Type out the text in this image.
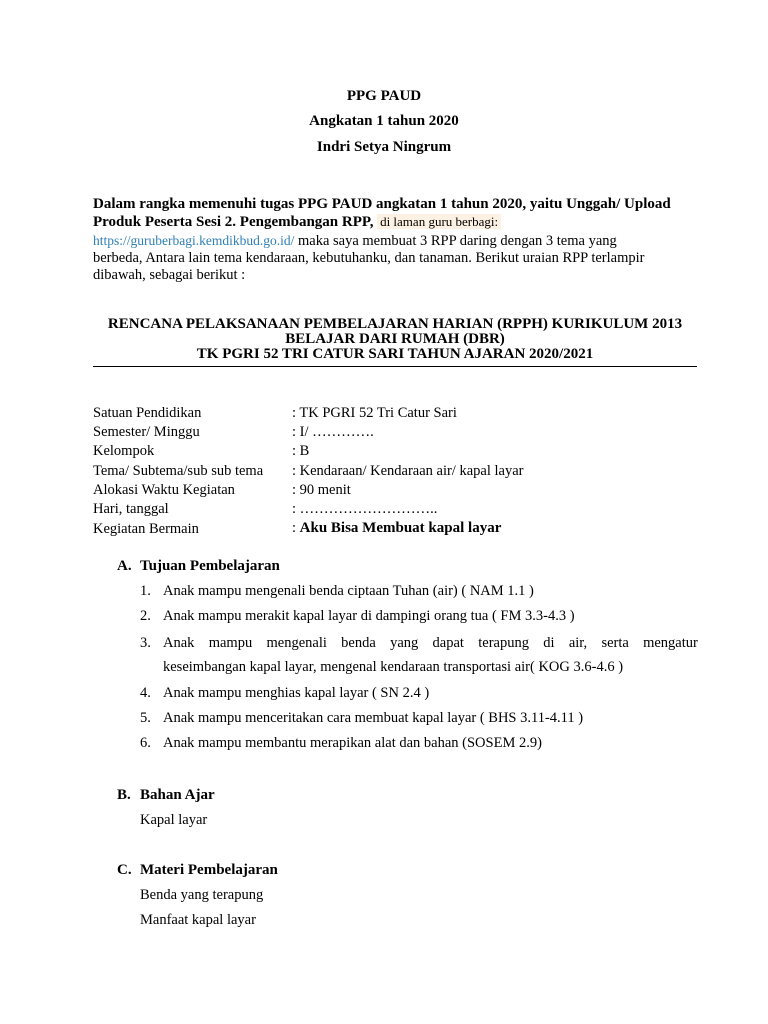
PPG PAUD
Angkatan 1 tahun 2020
Indri Setya Ningrum
Dalam rangka memenuhi tugas PPG PAUD angkatan 1 tahun 2020, yaitu Unggah/ Upload
Produk Peserta Sesi 2. Pengembangan RPP, di laman guru berbagi:
https://guruberbagi.kemdikbud.go.id/ maka saya membuat 3 RPP daring dengan 3 tema yang
berbeda, Antara lain tema kendaraan, kebutuhanku, dan tanaman. Berikut uraian RPP terlampir
dibawah, sebagai berikut :
RENCANA PELAKSANAAN PEMBELAJARAN HARIAN (RPPH) KURIKULUM 2013
BELAJAR DARI RUMAH (DBR)
TK PGRI 52 TRI CATUR SARI TAHUN AJARAN 2020/2021
Satuan Pendidikan	: TK PGRI 52 Tri Catur Sari
Semester/ Minggu	: I/ ………….
Kelompok	: B
Tema/ Subtema/sub sub tema : Kendaraan/ Kendaraan air/ kapal layar
Alokasi Waktu Kegiatan	: 90 menit
Hari, tanggal	: ………………………..
Kegiatan Bermain	: Aku Bisa Membuat kapal layar
A. Tujuan Pembelajaran
1. Anak mampu mengenali benda ciptaan Tuhan (air) ( NAM 1.1 )
2. Anak mampu merakit kapal layar di dampingi orang tua ( FM 3.3-4.3 )
3. Anak mampu mengenali benda yang dapat terapung di air, serta mengatur
keseimbangan kapal layar, mengenal kendaraan transportasi air( KOG 3.6-4.6 )
4. Anak mampu menghias kapal layar ( SN 2.4 )
5. Anak mampu menceritakan cara membuat kapal layar ( BHS 3.11-4.11 )
6. Anak mampu membantu merapikan alat dan bahan (SOSEM 2.9)
B. Bahan Ajar
Kapal layar
C. Materi Pembelajaran
Benda yang terapung
Manfaat kapal layar
